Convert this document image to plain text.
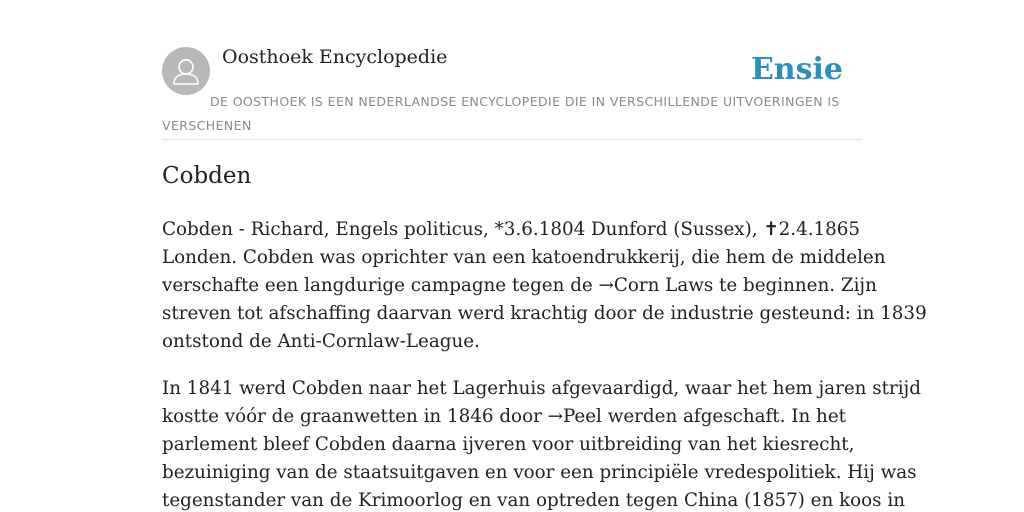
Oosthoek Encyclopedie	Ensie
DE OOSTHOEK IS EEN NEDERLANDSE ENCYCLOPEDIE DIE IN VERSCHILLENDE UITVOERINGEN IS VERSCHENEN
Cobden

Cobden - Richard, Engels politicus, *3.6.1804 Dunford (Sussex), ✝2.4.1865
Londen. Cobden was oprichter van een katoendrukkerij, die hem de middelen
verschafte een langdurige campagne tegen de →Corn Laws te beginnen. Zijn
streven tot afschaffing daarvan werd krachtig door de industrie gesteund: in 1839
ontstond de Anti-Cornlaw-League.

In 1841 werd Cobden naar het Lagerhuis afgevaardigd, waar het hem jaren strijd
kostte vóór de graanwetten in 1846 door →Peel werden afgeschaft. In het
parlement bleef Cobden daarna ijveren voor uitbreiding van het kiesrecht,
bezuiniging van de staatsuitgaven en voor een principiële vredespolitiek. Hij was
tegenstander van de Krimoorlog en van optreden tegen China (1857) en koos in
